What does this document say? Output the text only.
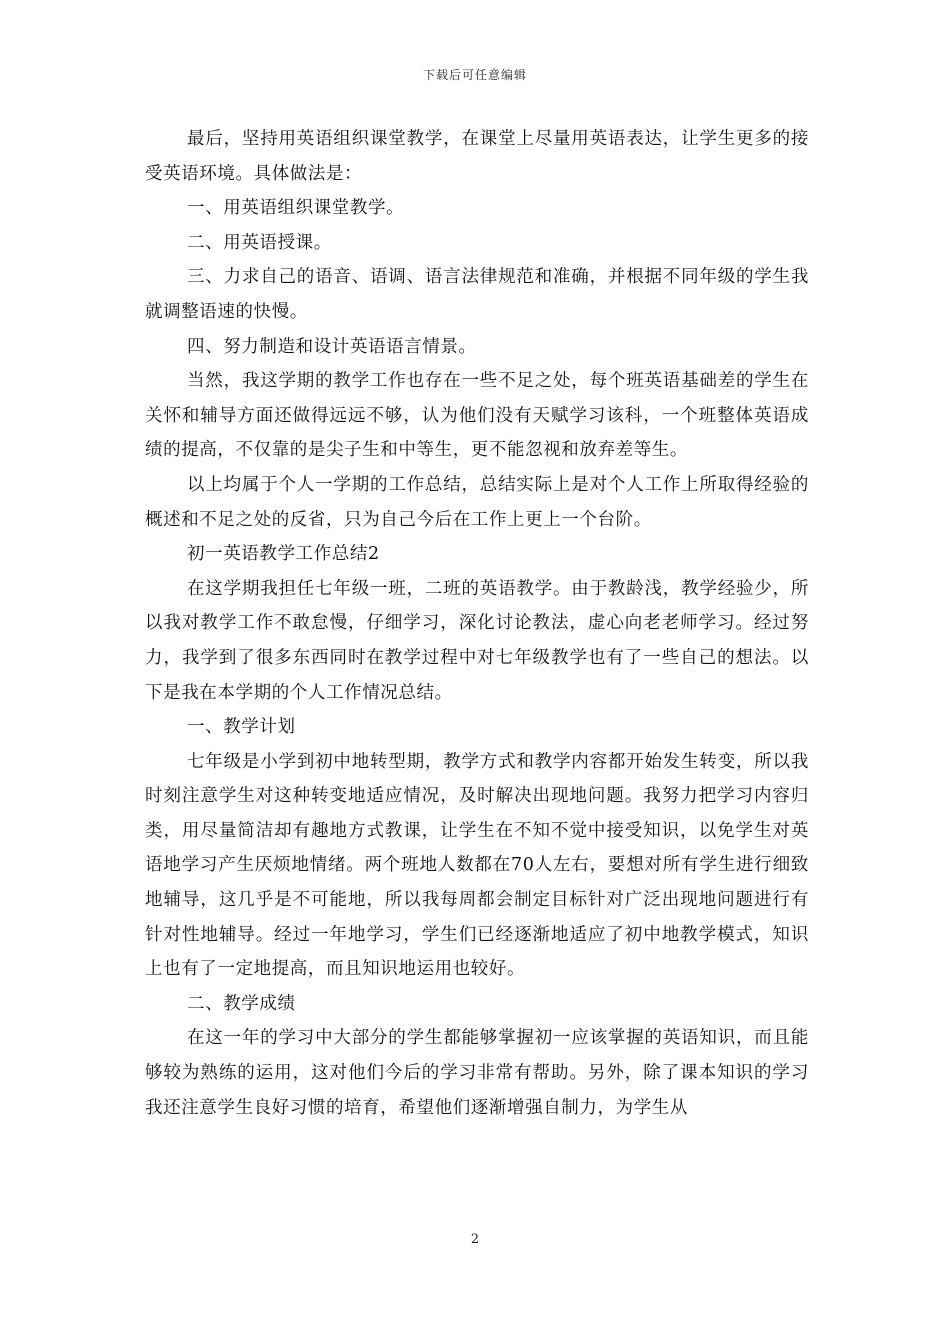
下载后可任意编辑

最后，坚持用英语组织课堂教学，在课堂上尽量用英语表达，让学生更多的接受英语环境。具体做法是：

一、用英语组织课堂教学。

二、用英语授课。

三、力求自己的语音、语调、语言法律规范和准确，并根据不同年级的学生我就调整语速的快慢。

四、努力制造和设计英语语言情景。

当然，我这学期的教学工作也存在一些不足之处，每个班英语基础差的学生在关怀和辅导方面还做得远远不够，认为他们没有天赋学习该科，一个班整体英语成绩的提高，不仅靠的是尖子生和中等生，更不能忽视和放弃差等生。

以上均属于个人一学期的工作总结，总结实际上是对个人工作上所取得经验的概述和不足之处的反省，只为自己今后在工作上更上一个台阶。

初一英语教学工作总结2

在这学期我担任七年级一班，二班的英语教学。由于教龄浅，教学经验少，所以我对教学工作不敢怠慢，仔细学习，深化讨论教法，虚心向老老师学习。经过努力，我学到了很多东西同时在教学过程中对七年级教学也有了一些自己的想法。以下是我在本学期的个人工作情况总结。

一、教学计划

七年级是小学到初中地转型期，教学方式和教学内容都开始发生转变，所以我时刻注意学生对这种转变地适应情况，及时解决出现地问题。我努力把学习内容归类，用尽量简洁却有趣地方式教课，让学生在不知不觉中接受知识，以免学生对英语地学习产生厌烦地情绪。两个班地人数都在70人左右，要想对所有学生进行细致地辅导，这几乎是不可能地，所以我每周都会制定目标针对广泛出现地问题进行有针对性地辅导。经过一年地学习，学生们已经逐渐地适应了初中地教学模式，知识上也有了一定地提高，而且知识地运用也较好。

二、教学成绩

在这一年的学习中大部分的学生都能够掌握初一应该掌握的英语知识，而且能够较为熟练的运用，这对他们今后的学习非常有帮助。另外，除了课本知识的学习我还注意学生良好习惯的培育，希望他们逐渐增强自制力，为学生从

2
